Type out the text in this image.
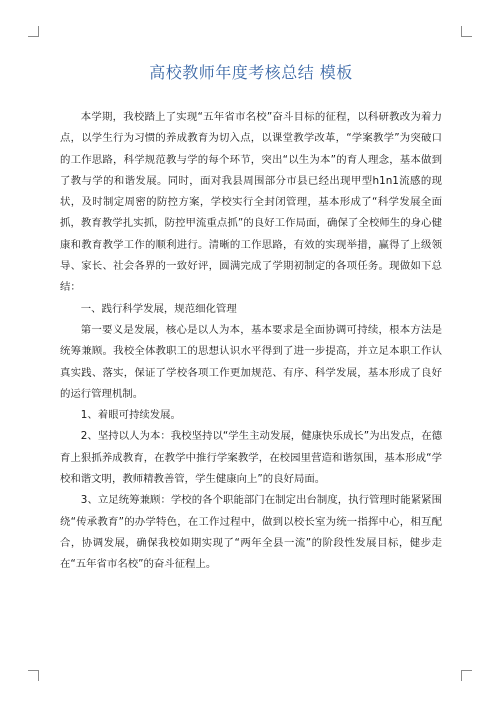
高校教师年度考核总结 模板

本学期，我校踏上了实现“五年省市名校”奋斗目标的征程，以科研教改为着力点，以学生行为习惯的养成教育为切入点，以课堂教学改革，“学案教学”为突破口的工作思路，科学规范教与学的每个环节，突出“以生为本”的育人理念，基本做到了教与学的和谐发展。同时，面对我县周围部分市县已经出现甲型h1n1流感的现状，及时制定周密的防控方案，学校实行全封闭管理，基本形成了“科学发展全面抓，教育教学扎实抓，防控甲流重点抓”的良好工作局面，确保了全校师生的身心健康和教育教学工作的顺利进行。清晰的工作思路，有效的实现举措，赢得了上级领导、家长、社会各界的一致好评，圆满完成了学期初制定的各项任务。现做如下总结：

一、践行科学发展，规范细化管理

第一要义是发展，核心是以人为本，基本要求是全面协调可持续，根本方法是统筹兼顾。我校全体教职工的思想认识水平得到了进一步提高，并立足本职工作认真实践、落实，保证了学校各项工作更加规范、有序、科学发展，基本形成了良好的运行管理机制。

1、着眼可持续发展。

2、坚持以人为本：我校坚持以“学生主动发展，健康快乐成长”为出发点，在德育上狠抓养成教育，在教学中推行学案教学，在校园里营造和谐氛围，基本形成“学校和谐文明，教师精教善管，学生健康向上”的良好局面。

3、立足统筹兼顾：学校的各个职能部门在制定出台制度，执行管理时能紧紧围绕“传承教育”的办学特色，在工作过程中，做到以校长室为统一指挥中心，相互配合，协调发展，确保我校如期实现了“两年全县一流”的阶段性发展目标，健步走在“五年省市名校”的奋斗征程上。
